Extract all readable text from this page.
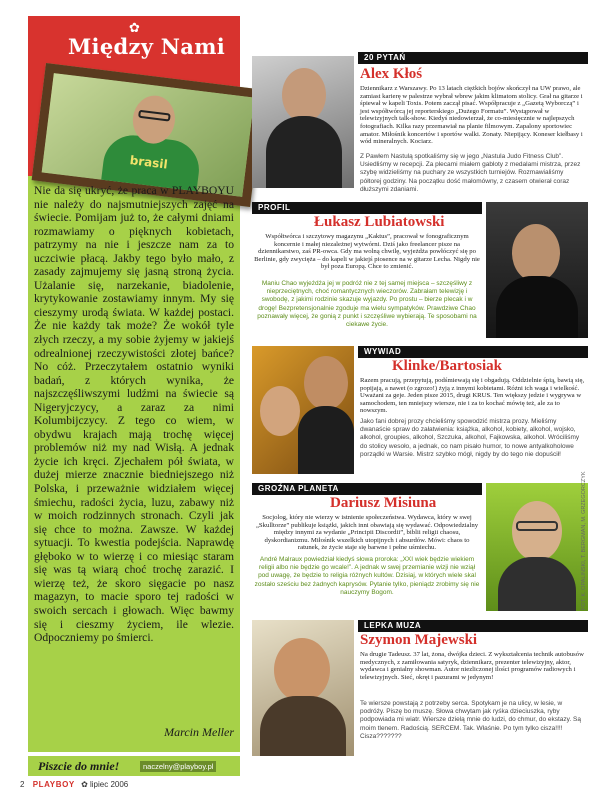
✿
Między Nami
brasil
Nie da się ukryć, że praca w PLAYBOYU nie należy do najsmutniejszych zajęć na świecie. Pomijam już to, że całymi dniami rozmawiamy o pięknych kobietach, patrzymy na nie i jeszcze nam za to uczciwie płacą. Jakby tego było mało, z zasady zajmujemy się jasną stroną życia. Użalanie się, narzekanie, biadolenie, krytykowanie zostawiamy innym. My się cieszymy urodą świata. W każdej postaci. Że nie każdy tak może? Że wokół tyle złych rzeczy, a my sobie żyjemy w jakiejś odrealnionej rzeczywistości złotej bańce? No cóż. Przeczytałem ostatnio wyniki badań, z których wynika, że najszczęśliwszymi ludźmi na świecie są Nigeryjczycy, a zaraz za nimi Kolumbijczycy. Z tego co wiem, w obydwu krajach mają trochę więcej problemów niż my nad Wisłą. A jednak życie ich kręci. Zjechałem pół świata, w dużej mierze znacznie biedniejszego niż Polska, i przeważnie widziałem więcej śmiechu, radości życia, luzu, zabawy niż w moich rodzinnych stronach. Czyli jak się chce to można. Zawsze. W każdej sytuacji. To kwestia podejścia. Naprawdę głęboko w to wierzę i co miesiąc staram się was tą wiarą choć trochę zarazić. I wierzę też, że skoro sięgacie po nasz magazyn, to macie sporo tej radości w swoich sercach i głowach. Więc bawmy się i cieszmy życiem, ile wlezie. Odpoczniemy po śmierci.
Marcin Meller
Piszcie do mnie!	naczelny@playboy.pl
20 PYTAŃ
Alex Kłoś
Dziennikarz z Warszawy. Po 13 latach ciężkich bojów skończył na UW prawo, ale zamiast karierę w palestrze wybrał wbrew jakim klimatom stolicy. Grał na gitarze i śpiewał w kapeli Toxis. Potem zaczął pisać. Współpracuje z „Gazetą Wyborczą” i jest współtwórcą jej reporterskiego „Dużego Formatu”. Wystąpował w telewizyjnych talk-show. Kiedyś niedowierzał, że co-miesięcznie w najlepszych fotografiach. Kilka razy przemawiał na planie filmowym. Zapalony sportowiec amator. Miłośnik koncertów i sportów walki. Zonaty. Niepijący. Koneser kiełbasy i wód mineralnych. Kociarz.
Z Pawłem Nastulą spotkaliśmy się w jego „Nastula Judo Fitness Club”. Usiedliśmy w recepcji. Za plecami miałem gabloty z medalami mistrza, przez szybę widzieliśmy na puchary ze wszystkich turniejów. Rozmawialiśmy półtorej godziny. Na początku dość małomówny, z czasem otwierał coraz dłuższymi zdaniami.
PROFIL
Łukasz Lubiatowski
Współtwórca i szczytowy magazynu „Kaktus”, pracował w fonograficznym koncernie i małej niezależnej wytwórni. Dziś jako freelancer pisze na dziennikarstwo, zaś PR-owca. Gdy ma wolną chwilę, wyjeżdża powłóczyć się po Berlinie, gdy zwycięża – do kapeli w jakiejś piosence na w gitarze Lecha. Nigdy nie był poza Europą. Chce to zmienić.
Maniu Chao wyjeżdża jej w podróż nie z tej samej miejsca – szczęśliwy z nieprzeciętnych, choć romantycznych wieczorów. Zabrałam telewizję i swobodę, z jakimi rodzinie skazuje wyjazdy. Po prostu – bierze plecak i w drogę! Bezpretensjonalnie zgoduje ma wielu sympatyków. Prawdziwe Chao poznawały więcej, że gonią z punkt i szczęśliwe wybierają. Te sposobami na ciekawe życie.
WYWIAD
Klinke/Bartosiak
Razem pracują, przepytują, podśmiewają się i obgadują. Oddzielnie śpią, bawią się, popijają, a nawet (o zgrozo!) żyją z innymi kobietami. Różni ich waga i wielkość. Uważani za geje. Jeden pisze 2015, drugi KRUS. Ten większy jedzie i wygrywa w samochodem, ten mniejszy wiersze, nie i za to kochać mówię też, ale za to nowszym.
Jako fani dobrej prozy chcieliśmy spowodzić mistrza prozy. Mieliśmy dwanaście spraw do załatwienia: książka, alkohol, kobiety, alkohol, wojsko, alkohol, groupies, alkohol, Szczuka, alkohol, Fajkowska, alkohol. Wróciliśmy do stolicy wesoło, a jednak, co nam pisało humor, to nowe antyalkoholowe porządki w Warsie. Mistrz szybko mógł, nigdy by do tego nie dopuścił!
GROŹNA PLANETA
Dariusz Misiuna
Socjolog, który nie wierzy w istnienie społeczeństwa. Wydawca, który w swej „Skulltorze” publikuje książki, jakich inni obawiają się wydawać. Odpowiedzialny między innymi za wydanie „Principii Discordii”, biblii religii chaosu, dyskordianizmu. Miłośnik wszelkich utopijnych i absurdów. Mówi: chaos to ratunek, że życie staje się barwne i pełne uśmiechu.
André Malraux powiedział kiedyś słowa proroka: „XXI wiek będzie wiekiem religii albo nie będzie go wcale!”. A jednak w swej przemianie wizji nie wziął pod uwagę, że będzie to religia różnych kultów. Dzisiaj, w których wiele skal zostało sześciu bez żadnych kaprysów. Pytanie tylko, pieniądz zrobimy się nie nauczymy Bogom.
LEPKA MUZA
Szymon Majewski
Na drugie Tadeusz. 37 lat, żona, dwójka dzieci. Z wykształcenia technik autobusów medycznych, z zamiłowania satyryk, dziennikarz, prezenter telewizyjny, aktor, wydawca i genialny showman. Autor niezliczonej ilości programów radiowych i telewizyjnych. Sieć, okręt i pazurami w jedynym!
Te wiersze powstają z potrzeby serca. Spotykam je na ulicy, w lesie, w podróży. Piszę bo muszę. Słowa chwytam jak ryśka dzieciuszka, ryby podpowiada mi wiatr. Wiersze dzielą mnie do ludzi, do chmur, do ekstazy. Są moim tlenem. Radością. SERCEM. Tak. Właśnie. Po tym tylko cisza!!!! Cisza???????
2 PLAYBOY ✿ lipiec 2006
